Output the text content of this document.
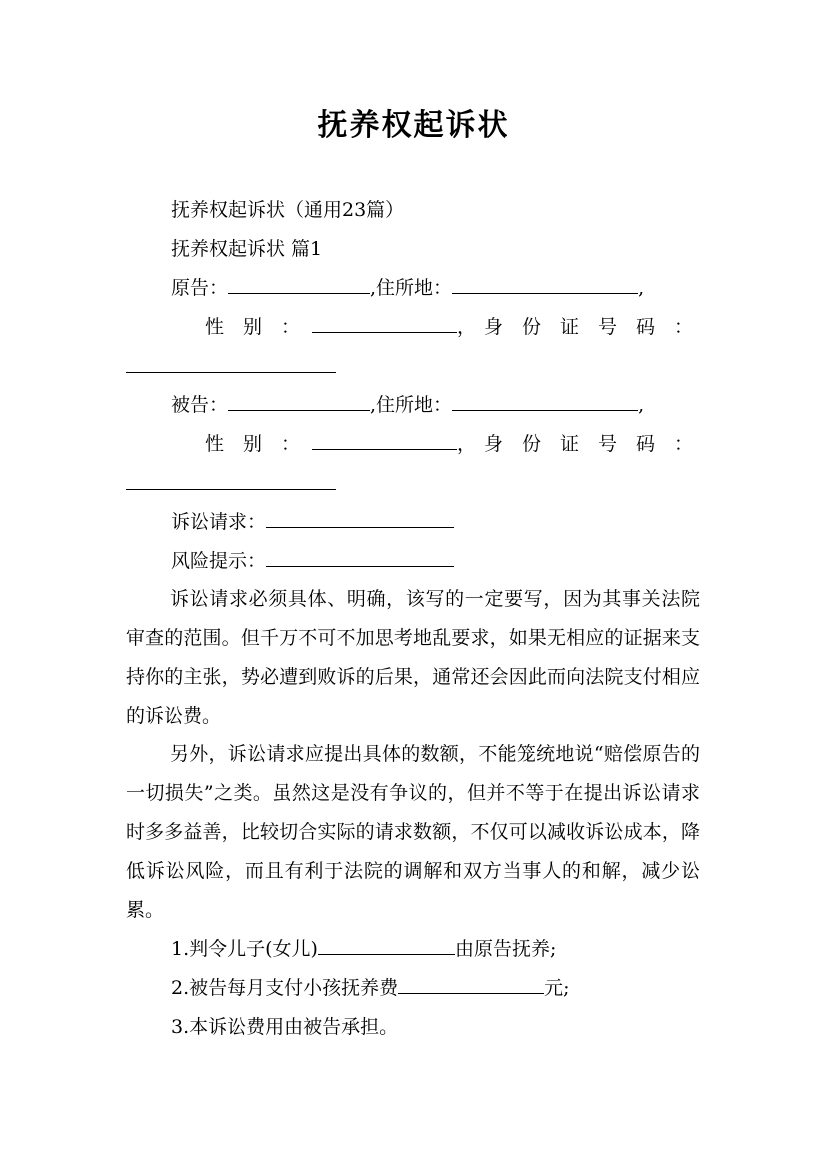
抚养权起诉状
抚养权起诉状（通用23篇）
抚养权起诉状 篇1
原告：	,住所地：	,
性　别　：	， 身　份　证　号　码　：
被告：	,住所地：	,
性　别　：	， 身　份　证　号　码　：
诉讼请求：
风险提示：
诉讼请求必须具体、明确，该写的一定要写，因为其事关法院审查的范围。但千万不可不加思考地乱要求，如果无相应的证据来支持你的主张，势必遭到败诉的后果，通常还会因此而向法院支付相应的诉讼费。
另外，诉讼请求应提出具体的数额，不能笼统地说“赔偿原告的一切损失”之类。虽然这是没有争议的，但并不等于在提出诉讼请求时多多益善，比较切合实际的请求数额，不仅可以减收诉讼成本，降低诉讼风险，而且有利于法院的调解和双方当事人的和解，减少讼累。
1.判令儿子(女儿)	由原告抚养;
2.被告每月支付小孩抚养费	元;
3.本诉讼费用由被告承担。
